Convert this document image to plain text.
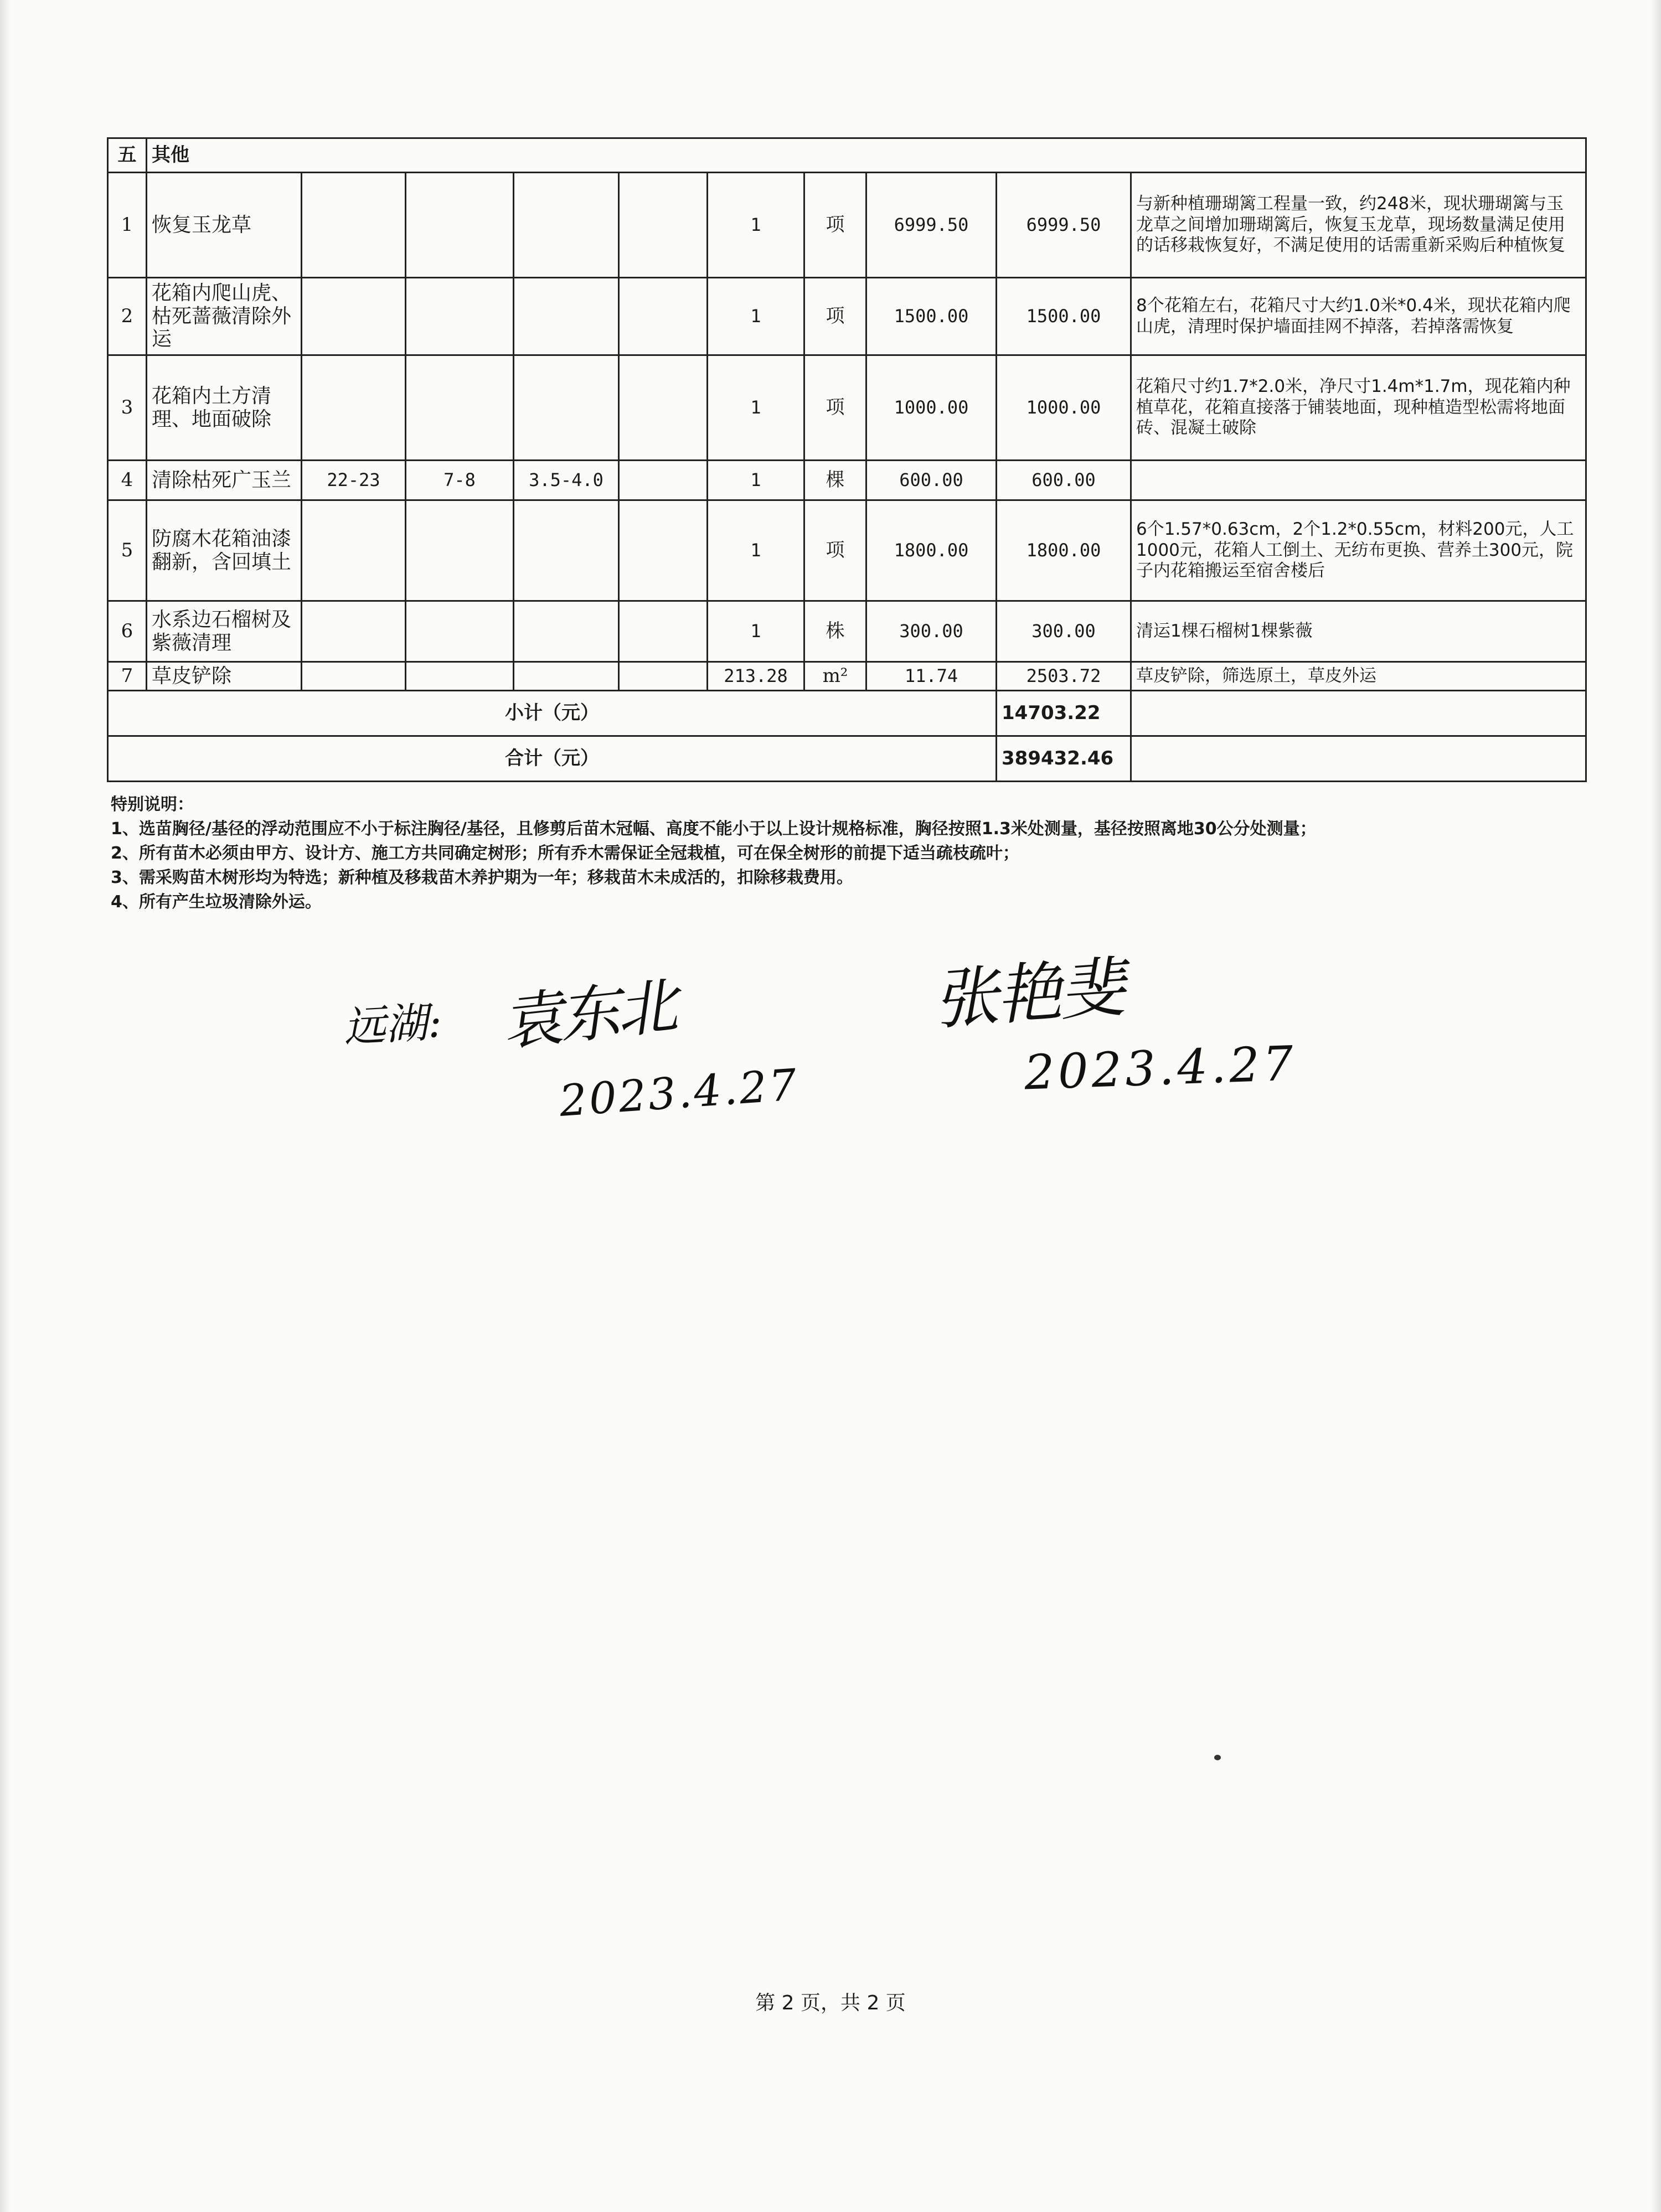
五	其他									
1	恢复玉龙草					1	项	6999.50	6999.50	与新种植珊瑚篱工程量一致，约248米，现状珊瑚篱与玉龙草之间增加珊瑚篱后，恢复玉龙草，现场数量满足使用的话移栽恢复好，不满足使用的话需重新采购后种植恢复
2	花箱内爬山虎、枯死蔷薇清除外运					1	项	1500.00	1500.00	8个花箱左右，花箱尺寸大约1.0米*0.4米，现状花箱内爬山虎，清理时保护墙面挂网不掉落，若掉落需恢复
3	花箱内土方清理、地面破除					1	项	1000.00	1000.00	花箱尺寸约1.7*2.0米，净尺寸1.4m*1.7m，现花箱内种植草花，花箱直接落于铺装地面，现种植造型松需将地面砖、混凝土破除
4	清除枯死广玉兰	22-23	7-8	3.5-4.0		1	棵	600.00	600.00	
5	防腐木花箱油漆翻新，含回填土					1	项	1800.00	1800.00	6个1.57*0.63cm，2个1.2*0.55cm，材料200元，人工1000元，花箱人工倒土、无纺布更换、营养土300元，院子内花箱搬运至宿舍楼后
6	水系边石榴树及紫薇清理					1	株	300.00	300.00	清运1棵石榴树1棵紫薇
7	草皮铲除					213.28	m²	11.74	2503.72	草皮铲除，筛选原土，草皮外运
小计（元）									14703.22	
合计（元）									389432.46	
特别说明：
1、选苗胸径/基径的浮动范围应不小于标注胸径/基径，且修剪后苗木冠幅、高度不能小于以上设计规格标准，胸径按照1.3米处测量，基径按照离地30公分处测量；
2、所有苗木必须由甲方、设计方、施工方共同确定树形；所有乔木需保证全冠栽植，可在保全树形的前提下适当疏枝疏叶；
3、需采购苗木树形均为特选；新种植及移栽苗木养护期为一年；移栽苗木未成活的，扣除移栽费用。
4、所有产生垃圾清除外运。
远湖: 袁东北
2023.4.27
张艳斐
2023.4.27
第 2 页，共 2 页
